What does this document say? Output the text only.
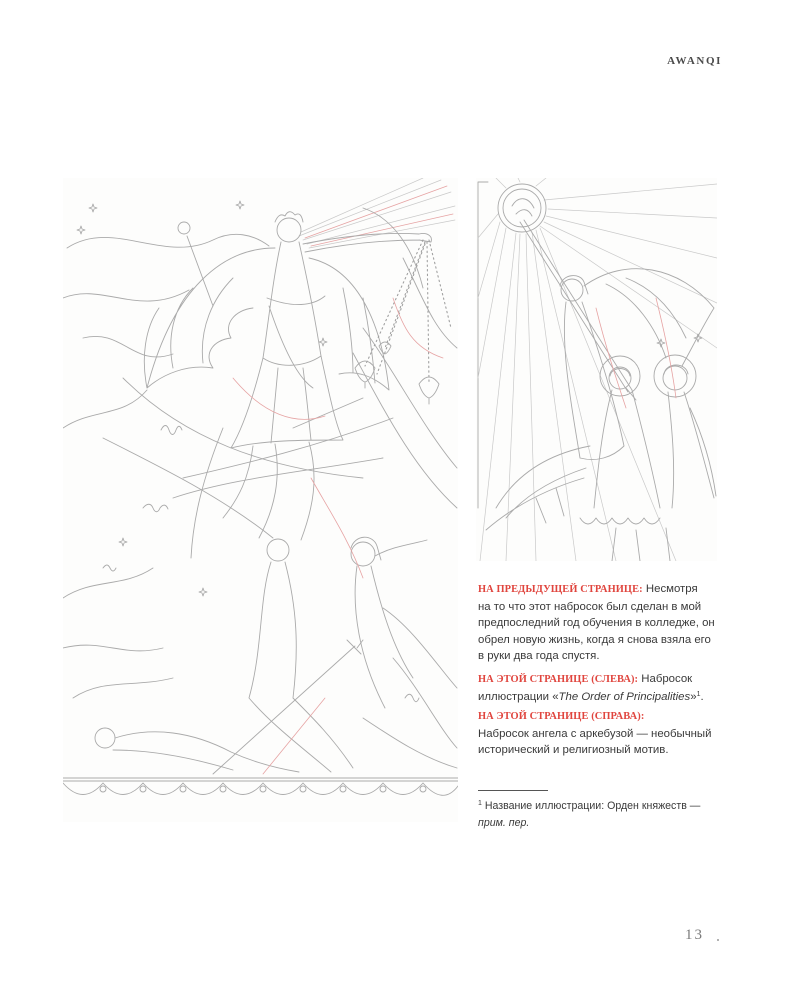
AWANQI
НА ПРЕДЫДУЩЕЙ СТРАНИЦЕ: Несмотря
на то что этот набросок был сделан в мой
предпоследний год обучения в колледже, он
обрел новую жизнь, когда я снова взяла его
в руки два года спустя.
НА ЭТОЙ СТРАНИЦЕ (СЛЕВА): Набросок
иллюстрации «The Order of Principalities»$^1$.
НА ЭТОЙ СТРАНИЦЕ (СПРАВА):
Набросок ангела с аркебузой — необычный
исторический и религиозный мотив.
$^1$ Название иллюстрации: Орден княжеств —
прим. пер.
13
